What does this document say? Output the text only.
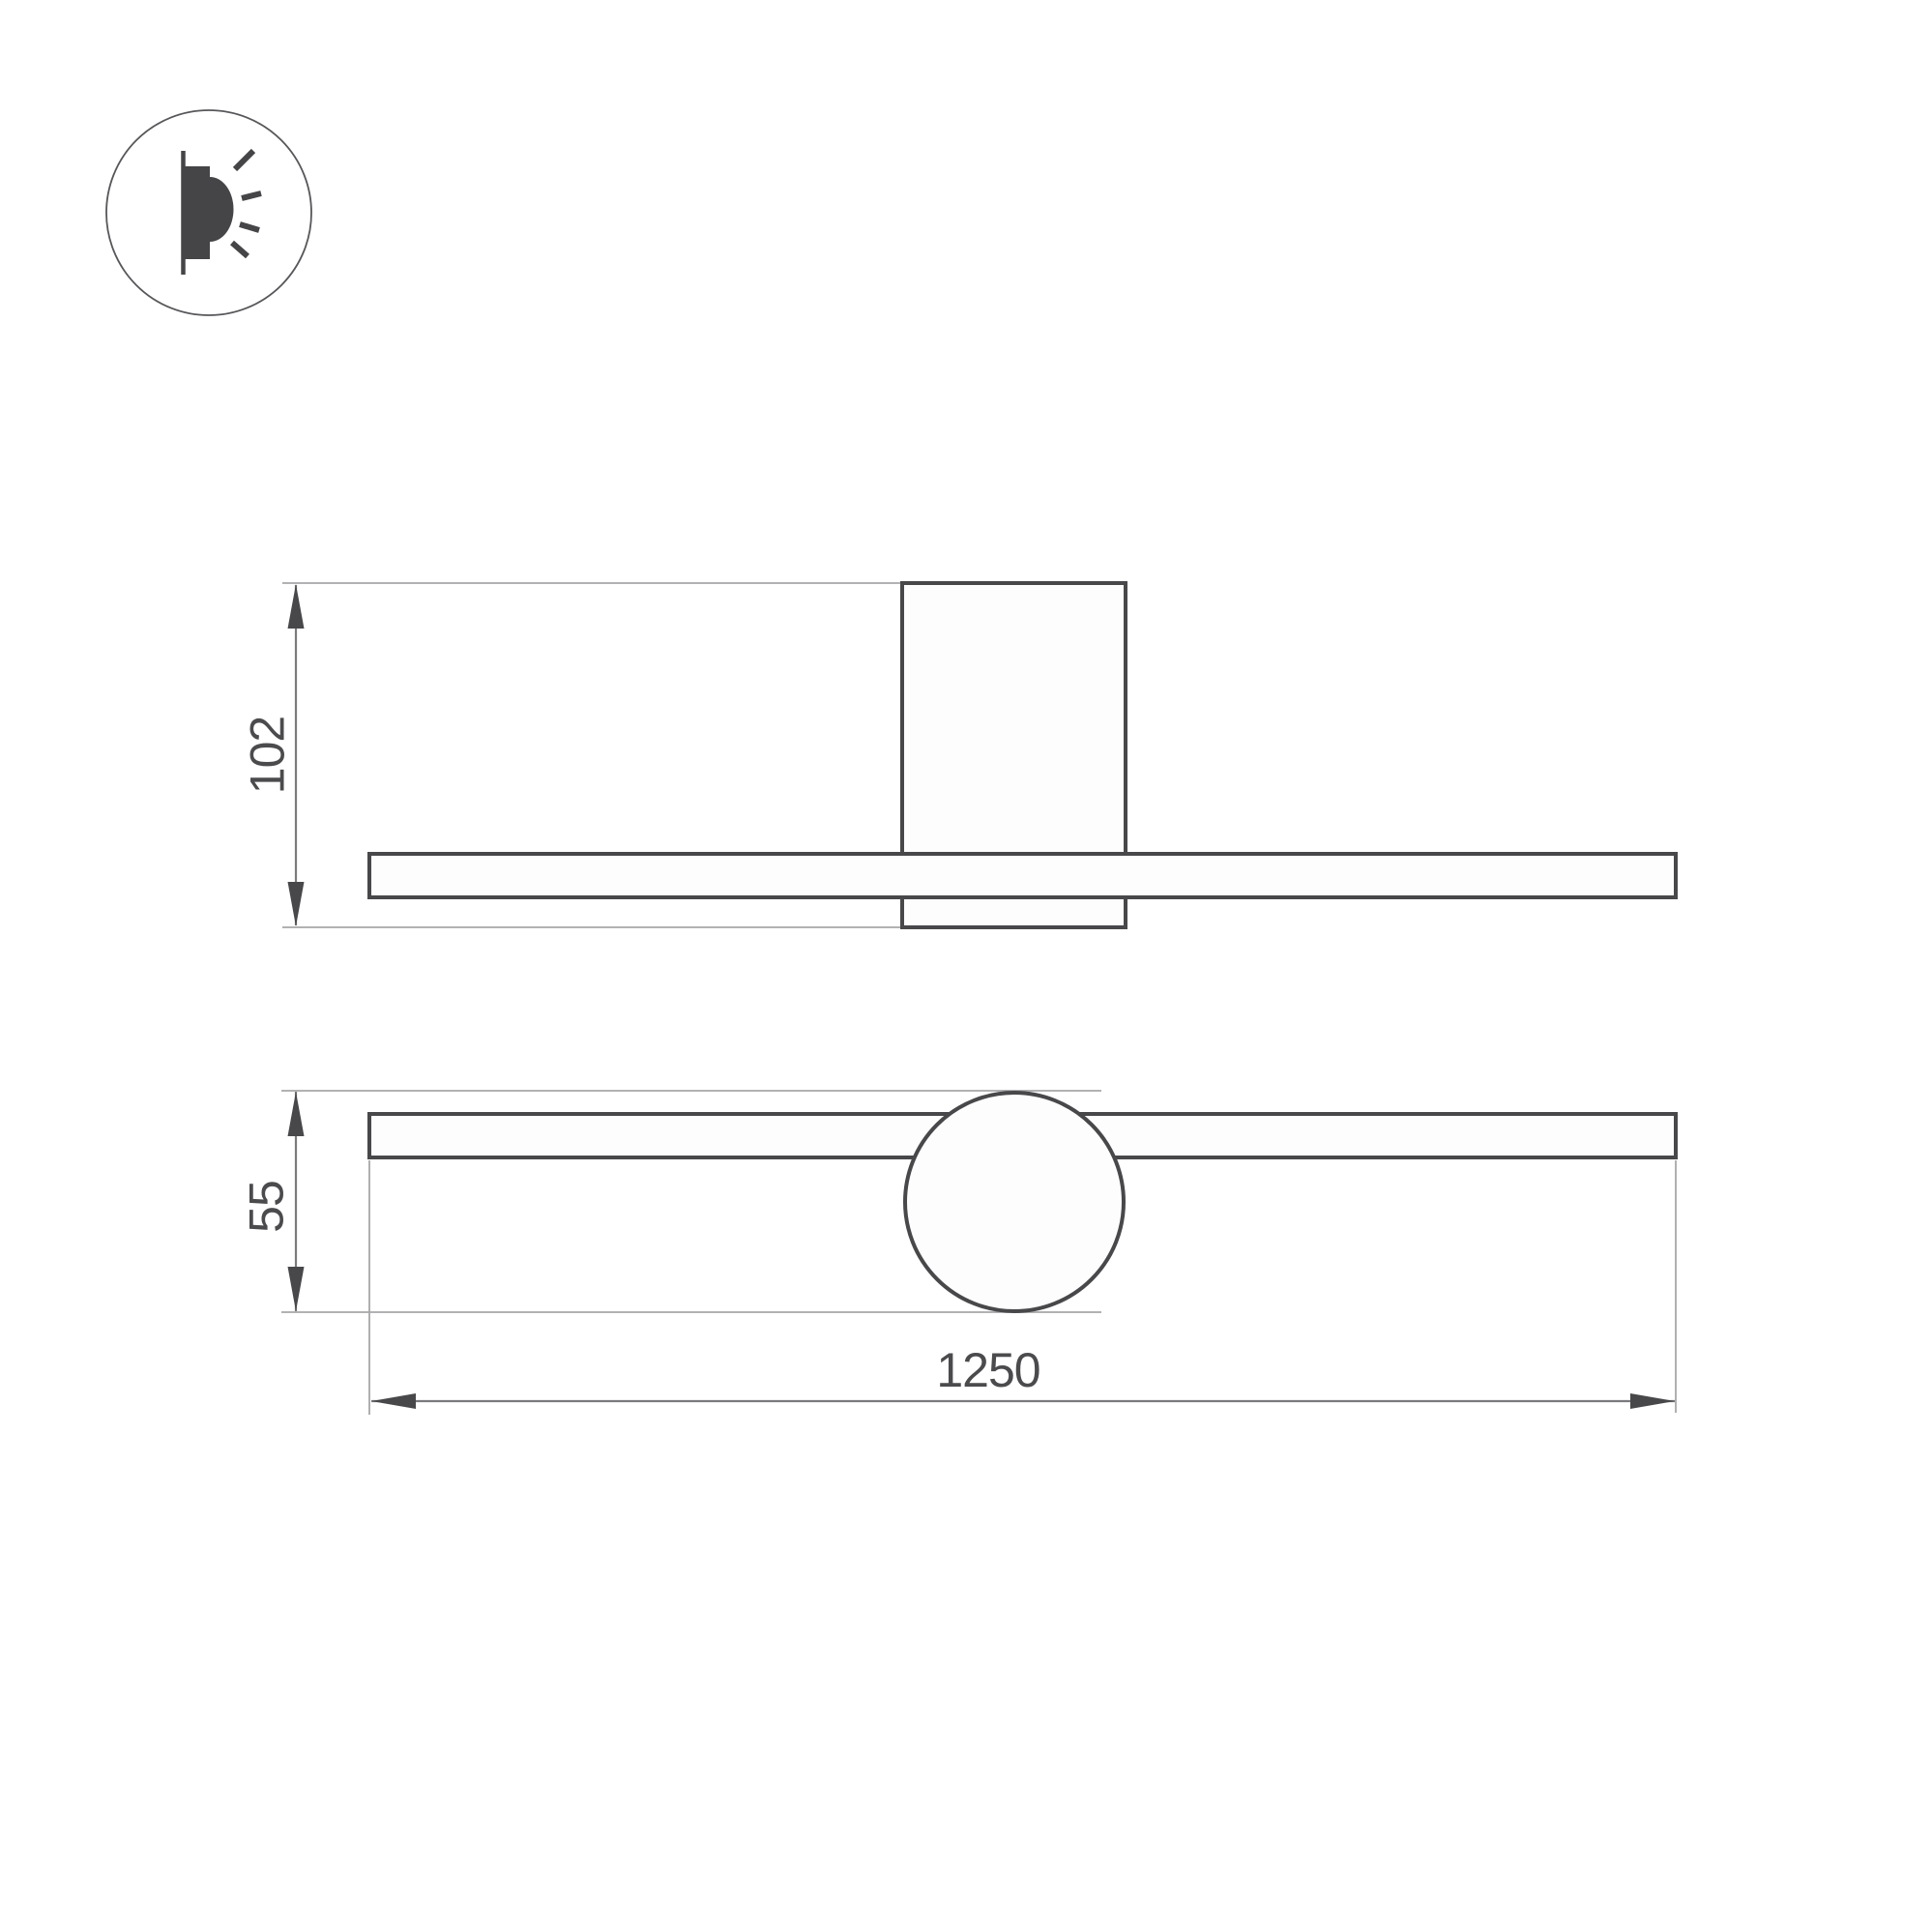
102
55
1250
